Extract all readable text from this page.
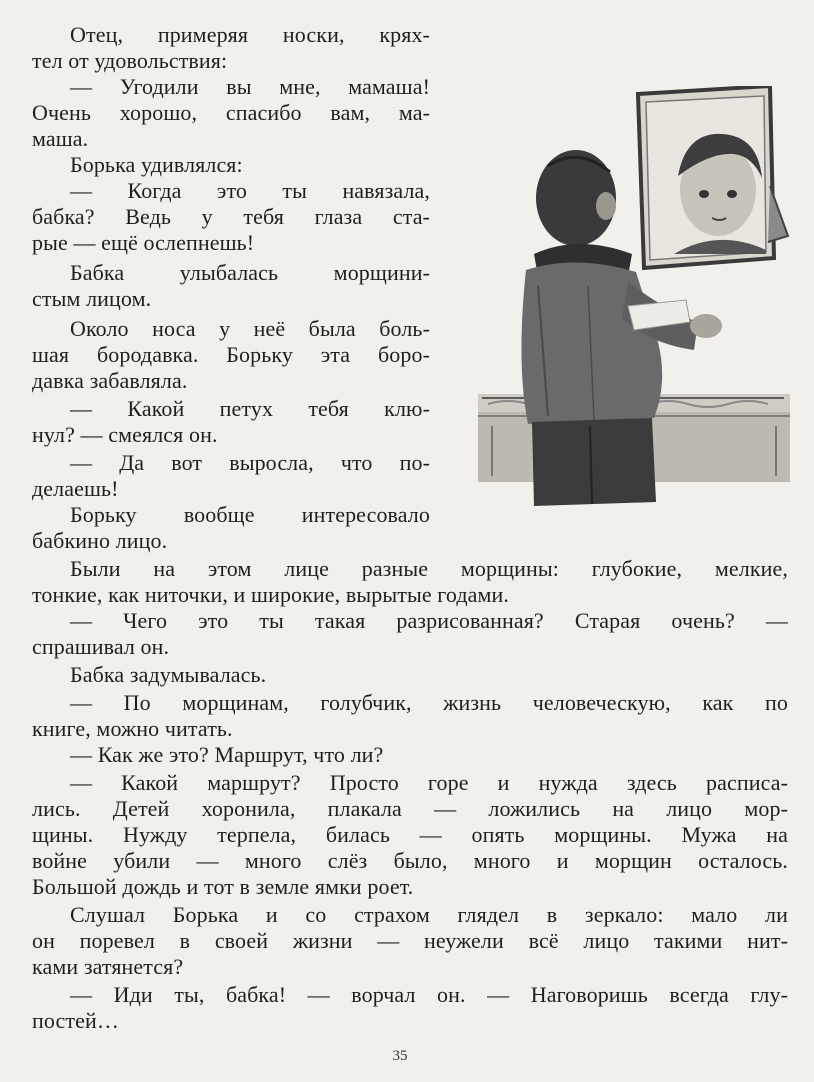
Отец, примеряя носки, крях-
тел от удовольствия:
— Угодили вы мне, мамаша!
Очень хорошо, спасибо вам, ма-
маша.
Борька удивлялся:
— Когда это ты навязала,
бабка? Ведь у тебя глаза ста-
рые — ещё ослепнешь!
Бабка улыбалась морщини-
стым лицом.
Около носа у неё была боль-
шая бородавка. Борьку эта боро-
давка забавляла.
— Какой петух тебя клю-
нул? — смеялся он.
— Да вот выросла, что по-
делаешь!
Борьку вообще интересовало
бабкино лицо.
Были на этом лице разные морщины: глубокие, мелкие,
тонкие, как ниточки, и широкие, вырытые годами.
— Чего это ты такая разрисованная? Старая очень? —
спрашивал он.
Бабка задумывалась.
— По морщинам, голубчик, жизнь человеческую, как по
книге, можно читать.
— Как же это? Маршрут, что ли?
— Какой маршрут? Просто горе и нужда здесь расписа-
лись. Детей хоронила, плакала — ложились на лицо мор-
щины. Нужду терпела, билась — опять морщины. Мужа на
войне убили — много слёз было, много и морщин осталось.
Большой дождь и тот в земле ямки роет.
Слушал Борька и со страхом глядел в зеркало: мало ли
он поревел в своей жизни — неужели всё лицо такими нит-
ками затянется?
— Иди ты, бабка! — ворчал он. — Наговоришь всегда глу-
постей…
35
